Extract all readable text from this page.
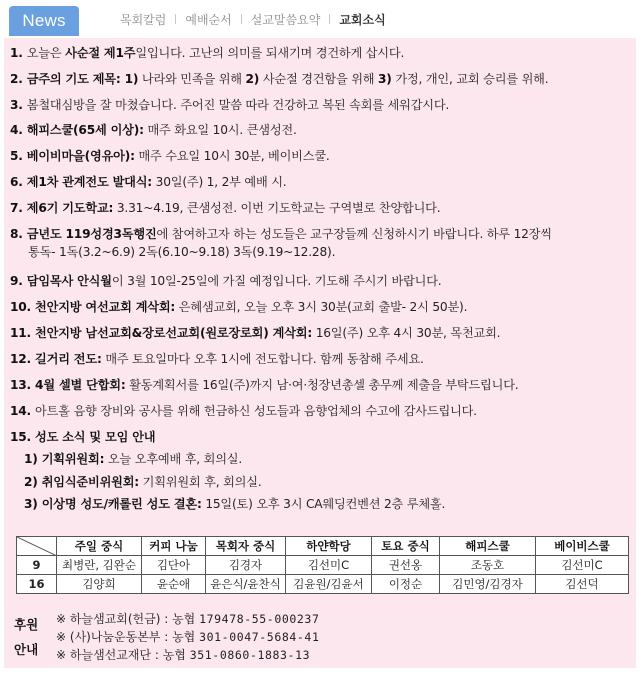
News	목회칼럼 예배순서 설교말씀요약 교회소식
1. 오늘은 사순절 제1주일입니다. 고난의 의미를 되새기며 경건하게 삽시다.
2. 금주의 기도 제목: 1) 나라와 민족을 위해 2) 사순절 경건함을 위해 3) 가정, 개인, 교회 승리를 위해.
3. 봄철대심방을 잘 마쳤습니다. 주어진 말씀 따라 건강하고 복된 속회를 세워갑시다.
4. 해피스쿨(65세 이상): 매주 화요일 10시. 큰샘성전.
5. 베이비마을(영유아): 매주 수요일 10시 30분, 베이비스쿨.
6. 제1차 관계전도 발대식: 30일(주) 1, 2부 예배 시.
7. 제6기 기도학교: 3.31~4.19, 큰샘성전. 이번 기도학교는 구역별로 찬양합니다.
8. 금년도 119성경3독행진에 참여하고자 하는 성도들은 교구장들께 신청하시기 바랍니다. 하루 12장씩
통독- 1독(3.2~6.9) 2독(6.10~9.18) 3독(9.19~12.28).
9. 담임목사 안식월이 3월 10일-25일에 가질 예정입니다. 기도해 주시기 바랍니다.
10. 천안지방 여선교회 계삭회: 은혜샘교회, 오늘 오후 3시 30분(교회 출발- 2시 50분).
11. 천안지방 남선교회&장로선교회(원로장로회) 계삭회: 16일(주) 오후 4시 30분, 목천교회.
12. 길거리 전도: 매주 토요일마다 오후 1시에 전도합니다. 함께 동참해 주세요.
13. 4월 셀별 단합회: 활동계획서를 16일(주)까지 남·여·청장년총셀 총무께 제출을 부탁드립니다.
14. 아트홀 음향 장비와 공사를 위해 헌금하신 성도들과 음향업체의 수고에 감사드립니다.
15. 성도 소식 및 모임 안내
1) 기획위원회: 오늘 오후예배 후, 회의실.
2) 취임식준비위원회: 기획위원회 후, 회의실.
3) 이상명 성도/캐롤린 성도 결혼: 15일(토) 오후 3시 CA웨딩컨벤션 2층 루체홀.
	주일 중식	커피 나눔	목회자 중식	하얀학당	토요 중식	해피스쿨	베이비스쿨
9	최병란, 김완순	김단아	김경자	김선미C	권선옹	조동호	김선미C
16	김양희	윤순애	윤은식/윤찬식	김윤원/김윤서	이정순	김민영/김경자	김선덕
후원
안내
※ 하늘샘교회(헌금) : 농협 179478-55-000237
※ (사)나눔운동본부 : 농협 301-0047-5684-41
※ 하늘샘선교재단 : 농협 351-0860-1883-13
